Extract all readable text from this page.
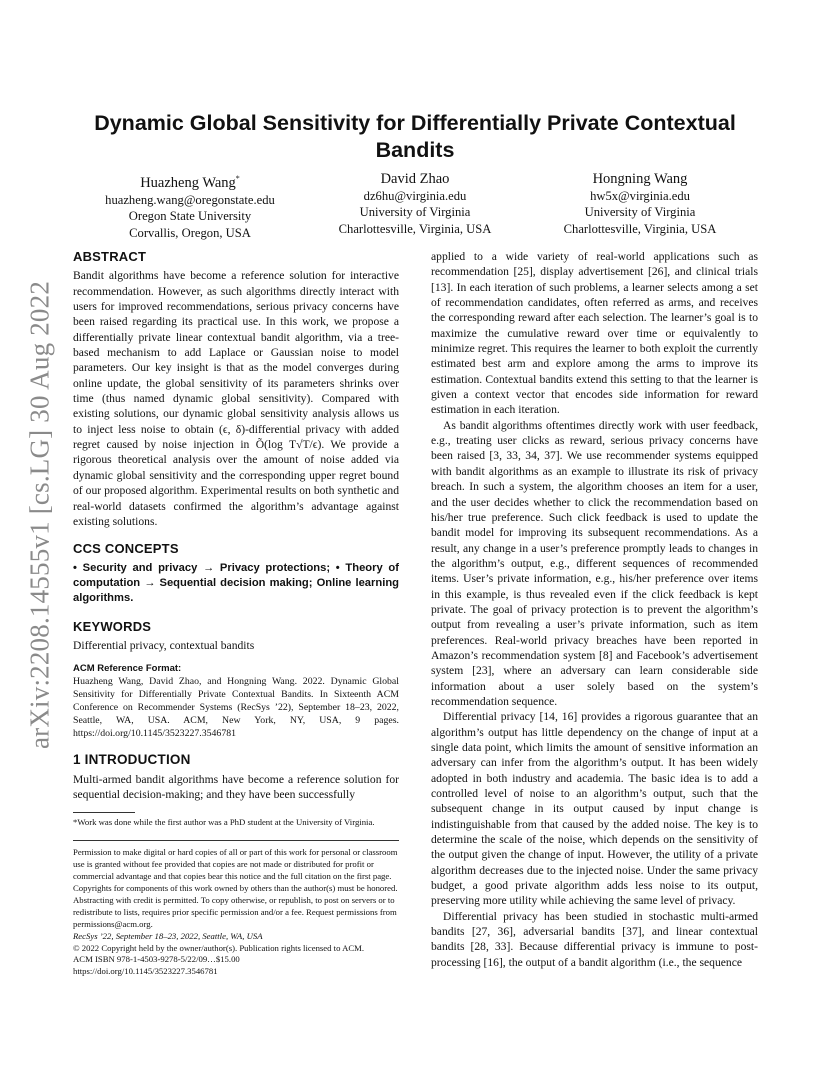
arXiv:2208.14555v1 [cs.LG] 30 Aug 2022
Dynamic Global Sensitivity for Differentially Private Contextual
Bandits
Huazheng Wang*
huazheng.wang@oregonstate.edu
Oregon State University
Corvallis, Oregon, USA
David Zhao
dz6hu@virginia.edu
University of Virginia
Charlottesville, Virginia, USA
Hongning Wang
hw5x@virginia.edu
University of Virginia
Charlottesville, Virginia, USA
ABSTRACT

Bandit algorithms have become a reference solution for interactive recommendation. However, as such algorithms directly interact with users for improved recommendations, serious privacy concerns have been raised regarding its practical use. In this work, we propose a differentially private linear contextual bandit algorithm, via a tree-based mechanism to add Laplace or Gaussian noise to model parameters. Our key insight is that as the model converges during online update, the global sensitivity of its parameters shrinks over time (thus named dynamic global sensitivity). Compared with existing solutions, our dynamic global sensitivity analysis allows us to inject less noise to obtain (ϵ, δ)-differential privacy with added regret caused by noise injection in Õ(log T√T/ϵ). We provide a rigorous theoretical analysis over the amount of noise added via dynamic global sensitivity and the corresponding upper regret bound of our proposed algorithm. Experimental results on both synthetic and real-world datasets confirmed the algorithm’s advantage against existing solutions.

CCS CONCEPTS

• Security and privacy → Privacy protections; • Theory of computation → Sequential decision making; Online learning algorithms.

KEYWORDS

Differential privacy, contextual bandits

ACM Reference Format:

Huazheng Wang, David Zhao, and Hongning Wang. 2022. Dynamic Global Sensitivity for Differentially Private Contextual Bandits. In Sixteenth ACM Conference on Recommender Systems (RecSys ’22), September 18–23, 2022, Seattle, WA, USA. ACM, New York, NY, USA, 9 pages. https://doi.org/10.1145/3523227.3546781

1 INTRODUCTION

Multi-armed bandit algorithms have become a reference solution for sequential decision-making; and they have been successfully

*Work was done while the first author was a PhD student at the University of Virginia.

Permission to make digital or hard copies of all or part of this work for personal or classroom use is granted without fee provided that copies are not made or distributed for profit or commercial advantage and that copies bear this notice and the full citation on the first page. Copyrights for components of this work owned by others than the author(s) must be honored. Abstracting with credit is permitted. To copy otherwise, or republish, to post on servers or to redistribute to lists, requires prior specific permission and/or a fee. Request permissions from permissions@acm.org.
RecSys ’22, September 18–23, 2022, Seattle, WA, USA
© 2022 Copyright held by the owner/author(s). Publication rights licensed to ACM.
ACM ISBN 978-1-4503-9278-5/22/09…$15.00
https://doi.org/10.1145/3523227.3546781

applied to a wide variety of real-world applications such as recommendation [25], display advertisement [26], and clinical trials [13]. In each iteration of such problems, a learner selects among a set of recommendation candidates, often referred as arms, and receives the corresponding reward after each selection. The learner’s goal is to maximize the cumulative reward over time or equivalently to minimize regret. This requires the learner to both exploit the currently estimated best arm and explore among the arms to improve its estimation. Contextual bandits extend this setting to that the learner is given a context vector that encodes side information for reward estimation in each iteration.

As bandit algorithms oftentimes directly work with user feedback, e.g., treating user clicks as reward, serious privacy concerns have been raised [3, 33, 34, 37]. We use recommender systems equipped with bandit algorithms as an example to illustrate its risk of privacy breach. In such a system, the algorithm chooses an item for a user, and the user decides whether to click the recommendation based on his/her true preference. Such click feedback is used to update the bandit model for improving its subsequent recommendations. As a result, any change in a user’s preference promptly leads to changes in the algorithm’s output, e.g., different sequences of recommended items. User’s private information, e.g., his/her preference over items in this example, is thus revealed even if the click feedback is kept private. The goal of privacy protection is to prevent the algorithm’s output from revealing a user’s private information, such as item preferences. Real-world privacy breaches have been reported in Amazon’s recommendation system [8] and Facebook’s advertisement system [23], where an adversary can learn considerable side information about a user solely based on the system’s recommendation sequence.

Differential privacy [14, 16] provides a rigorous guarantee that an algorithm’s output has little dependency on the change of input at a single data point, which limits the amount of sensitive information an adversary can infer from the algorithm’s output. It has been widely adopted in both industry and academia. The basic idea is to add a controlled level of noise to an algorithm’s output, such that the subsequent change in its output caused by input change is indistinguishable from that caused by the added noise. The key is to determine the scale of the noise, which depends on the sensitivity of the output given the change of input. However, the utility of a private algorithm decreases due to the injected noise. Under the same privacy budget, a good private algorithm adds less noise to its output, preserving more utility while achieving the same level of privacy.

Differential privacy has been studied in stochastic multi-armed bandits [27, 36], adversarial bandits [37], and linear contextual bandits [28, 33]. Because differential privacy is immune to post-processing [16], the output of a bandit algorithm (i.e., the sequence
